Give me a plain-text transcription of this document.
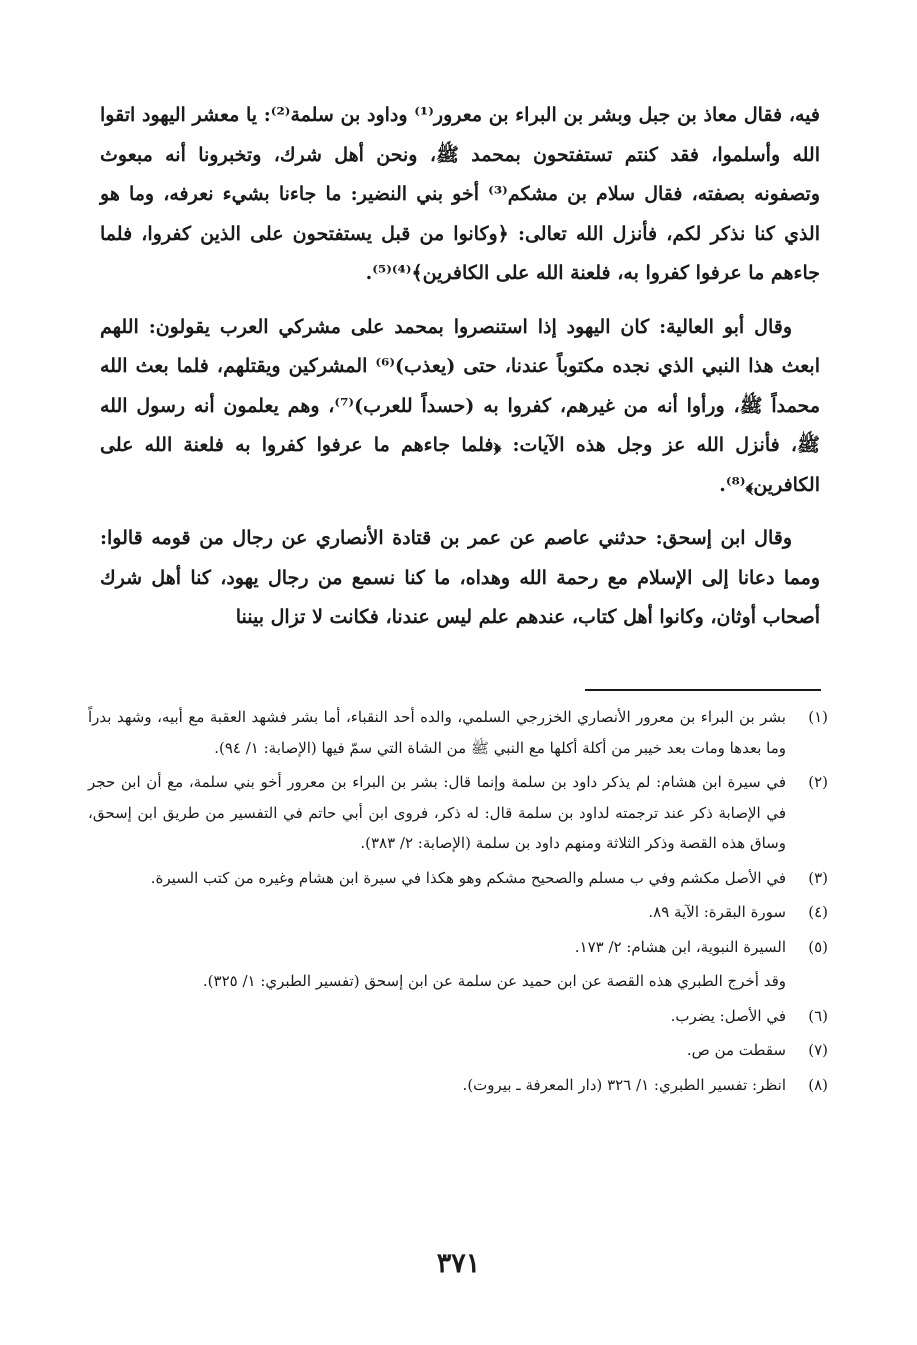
فيه، فقال معاذ بن جبل وبشر بن البراء بن معرور⁽¹⁾ وداود بن سلمة⁽²⁾: يا معشر اليهود اتقوا الله وأسلموا، فقد كنتم تستفتحون بمحمد ﷺ، ونحن أهل شرك، وتخبرونا أنه مبعوث وتصفونه بصفته، فقال سلام بن مشكم⁽³⁾ أخو بني النضير: ما جاءنا بشيء نعرفه، وما هو الذي كنا نذكر لكم، فأنزل الله تعالى: ﴿وكانوا من قبل يستفتحون على الذين كفروا، فلما جاءهم ما عرفوا كفروا به، فلعنة الله على الكافرين﴾⁽⁴⁾⁽⁵⁾.

وقال أبو العالية: كان اليهود إذا استنصروا بمحمد على مشركي العرب يقولون: اللهم ابعث هذا النبي الذي نجده مكتوباً عندنا، حتى (يعذب)⁽⁶⁾ المشركين ويقتلهم، فلما بعث الله محمداً ﷺ، ورأوا أنه من غيرهم، كفروا به (حسداً للعرب)⁽⁷⁾، وهم يعلمون أنه رسول الله ﷺ، فأنزل الله عز وجل هذه الآيات: ﴿فلما جاءهم ما عرفوا كفروا به فلعنة الله على الكافرين﴾⁽⁸⁾.

وقال ابن إسحق: حدثني عاصم عن عمر بن قتادة الأنصاري عن رجال من قومه قالوا: ومما دعانا إلى الإسلام مع رحمة الله وهداه، ما كنا نسمع من رجال يهود، كنا أهل شرك أصحاب أوثان، وكانوا أهل كتاب، عندهم علم ليس عندنا، فكانت لا تزال بيننا

(١)
بشر بن البراء بن معرور الأنصاري الخزرجي السلمي، والده أحد النقباء، أما بشر فشهد العقبة مع أبيه، وشهد بدراً وما بعدها ومات بعد خيبر من أكلة أكلها مع النبي ﷺ من الشاة التي سمّ فيها (الإصابة: ١/ ٩٤).
(٢)
في سيرة ابن هشام: لم يذكر داود بن سلمة وإنما قال: بشر بن البراء بن معرور أخو بني سلمة، مع أن ابن حجر في الإصابة ذكر عند ترجمته لداود بن سلمة قال: له ذكر، فروى ابن أبي حاتم في التفسير من طريق ابن إسحق، وساق هذه القصة وذكر الثلاثة ومنهم داود بن سلمة (الإصابة: ٢/ ٣٨٣).
(٣)
في الأصل مكشم وفي ب مسلم والصحيح مشكم وهو هكذا في سيرة ابن هشام وغيره من كتب السيرة.
(٤)
سورة البقرة: الآية ٨٩.
(٥)
السيرة النبوية، ابن هشام: ٢/ ١٧٣.
وقد أخرج الطبري هذه القصة عن ابن حميد عن سلمة عن ابن إسحق (تفسير الطبري: ١/ ٣٢٥).
(٦)
في الأصل: يضرب.
(٧)
سقطت من ص.
(٨)
انظر: تفسير الطبري: ١/ ٣٢٦ (دار المعرفة ـ بيروت).
٣٧١
